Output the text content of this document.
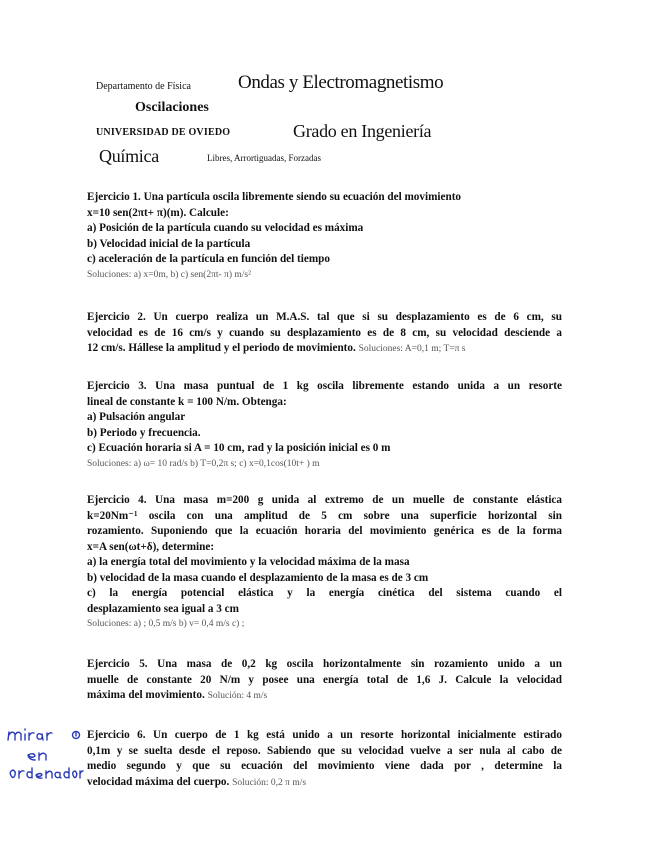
Departamento de Física Ondas y Electromagnetismo
Oscilaciones
UNIVERSIDAD DE OVIEDO	Grado en Ingeniería
Química	Libres, Arrortiguadas, Forzadas
Ejercicio 1. Una partícula oscila libremente siendo su ecuación del movimiento
x=10 sen(2πt+ π)(m). Calcule:
a) Posición de la partícula cuando su velocidad es máxima
b) Velocidad inicial de la partícula
c) aceleración de la partícula en función del tiempo
Soluciones: a) x=0m, b) c) sen(2πt- π) m/s²
Ejercicio 2. Un cuerpo realiza un M.A.S. tal que si su desplazamiento es de 6 cm, su
velocidad es de 16 cm/s y cuando su desplazamiento es de 8 cm, su velocidad desciende a
12 cm/s. Hállese la amplitud y el periodo de movimiento. Soluciones: A=0,1 m; T=π s
Ejercicio 3. Una masa puntual de 1 kg oscila libremente estando unida a un resorte
lineal de constante k = 100 N/m. Obtenga:
a) Pulsación angular
b) Periodo y frecuencia.
c) Ecuación horaria si A = 10 cm, rad y la posición inicial es 0 m
Soluciones: a) ω= 10 rad/s b) T=0,2π s; c) x=0,1cos(10t+ ) m
Ejercicio 4. Una masa m=200 g unida al extremo de un muelle de constante elástica
k=20Nm⁻¹ oscila con una amplitud de 5 cm sobre una superficie horizontal sin
rozamiento. Suponiendo que la ecuación horaria del movimiento genérica es de la forma
x=A sen(ωt+δ), determine:
a) la energía total del movimiento y la velocidad máxima de la masa
b) velocidad de la masa cuando el desplazamiento de la masa es de 3 cm
c) la energía potencial elástica y la energía cinética del sistema cuando el
desplazamiento sea igual a 3 cm
Soluciones: a) ; 0,5 m/s b) v= 0,4 m/s c) ;
Ejercicio 5. Una masa de 0,2 kg oscila horizontalmente sin rozamiento unido a un
muelle de constante 20 N/m y posee una energía total de 1,6 J. Calcule la velocidad
máxima del movimiento. Solución: 4 m/s
Ejercicio 6. Un cuerpo de 1 kg está unido a un resorte horizontal inicialmente estirado
0,1m y se suelta desde el reposo. Sabiendo que su velocidad vuelve a ser nula al cabo de
medio segundo y que su ecuación del movimiento viene dada por , determine la
velocidad máxima del cuerpo. Solución: 0,2 π m/s
